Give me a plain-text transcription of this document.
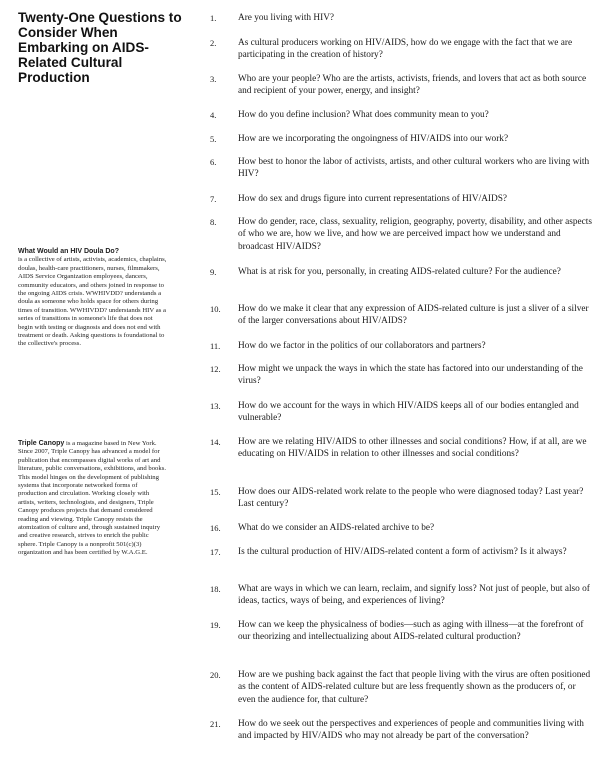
Twenty-One Questions to Consider When Embarking on AIDS-Related Cultural Production
What Would an HIV Doula Do?
is a collective of artists, activists, academics, chaplains, doulas, health-care practitioners, nurses, filmmakers, AIDS Service Organization employees, dancers, community educators, and others joined in response to the ongoing AIDS crisis. WWHIVDD? understands a doula as someone who holds space for others during times of transition. WWHIVDD? understands HIV as a series of transitions in someone's life that does not begin with testing or diagnosis and does not end with treatment or death. Asking questions is foundational to the collective's process.
Triple Canopy is a magazine based in New York. Since 2007, Triple Canopy has advanced a model for publication that encompasses digital works of art and literature, public conversations, exhibitions, and books. This model hinges on the development of publishing systems that incorporate networked forms of production and circulation. Working closely with artists, writers, technologists, and designers, Triple Canopy produces projects that demand considered reading and viewing. Triple Canopy resists the atomization of culture and, through sustained inquiry and creative research, strives to enrich the public sphere. Triple Canopy is a nonprofit 501(c)(3) organization and has been certified by W.A.G.E.
1.	Are you living with HIV?
2.	As cultural producers working on HIV/AIDS, how do we engage with the fact that we are participating in the creation of history?
3.	Who are your people? Who are the artists, activists, friends, and lovers that act as both source and recipient of your power, energy, and insight?
4.	How do you define inclusion? What does community mean to you?
5.	How are we incorporating the ongoingness of HIV/AIDS into our work?
6.	How best to honor the labor of activists, artists, and other cultural workers who are living with HIV?
7.	How do sex and drugs figure into current representations of HIV/AIDS?
8.	How do gender, race, class, sexuality, religion, geography, poverty, disability, and other aspects of who we are, how we live, and how we are perceived impact how we understand and broadcast HIV/AIDS?
9.	What is at risk for you, personally, in creating AIDS-related culture? For the audience?
10.	How do we make it clear that any expression of AIDS-related culture is just a sliver of a silver of the larger conversations about HIV/AIDS?
11.	How do we factor in the politics of our collaborators and partners?
12.	How might we unpack the ways in which the state has factored into our understanding of the virus?
13.	How do we account for the ways in which HIV/AIDS keeps all of our bodies entangled and vulnerable?
14.	How are we relating HIV/AIDS to other illnesses and social conditions? How, if at all, are we educating on HIV/AIDS in relation to other illnesses and social conditions?
15.	How does our AIDS-related work relate to the people who were diagnosed today? Last year? Last century?
16.	What do we consider an AIDS-related archive to be?
17.	Is the cultural production of HIV/AIDS-related content a form of activism? Is it always?
18.	What are ways in which we can learn, reclaim, and signify loss? Not just of people, but also of ideas, tactics, ways of being, and experiences of living?
19.	How can we keep the physicalness of bodies—such as aging with illness—at the forefront of our theorizing and intellectualizing about AIDS-related cultural production?
20.	How are we pushing back against the fact that people living with the virus are often positioned as the content of AIDS-related culture but are less frequently shown as the producers of, or even the audience for, that culture?
21.	How do we seek out the perspectives and experiences of people and communities living with and impacted by HIV/AIDS who may not already be part of the conversation?
